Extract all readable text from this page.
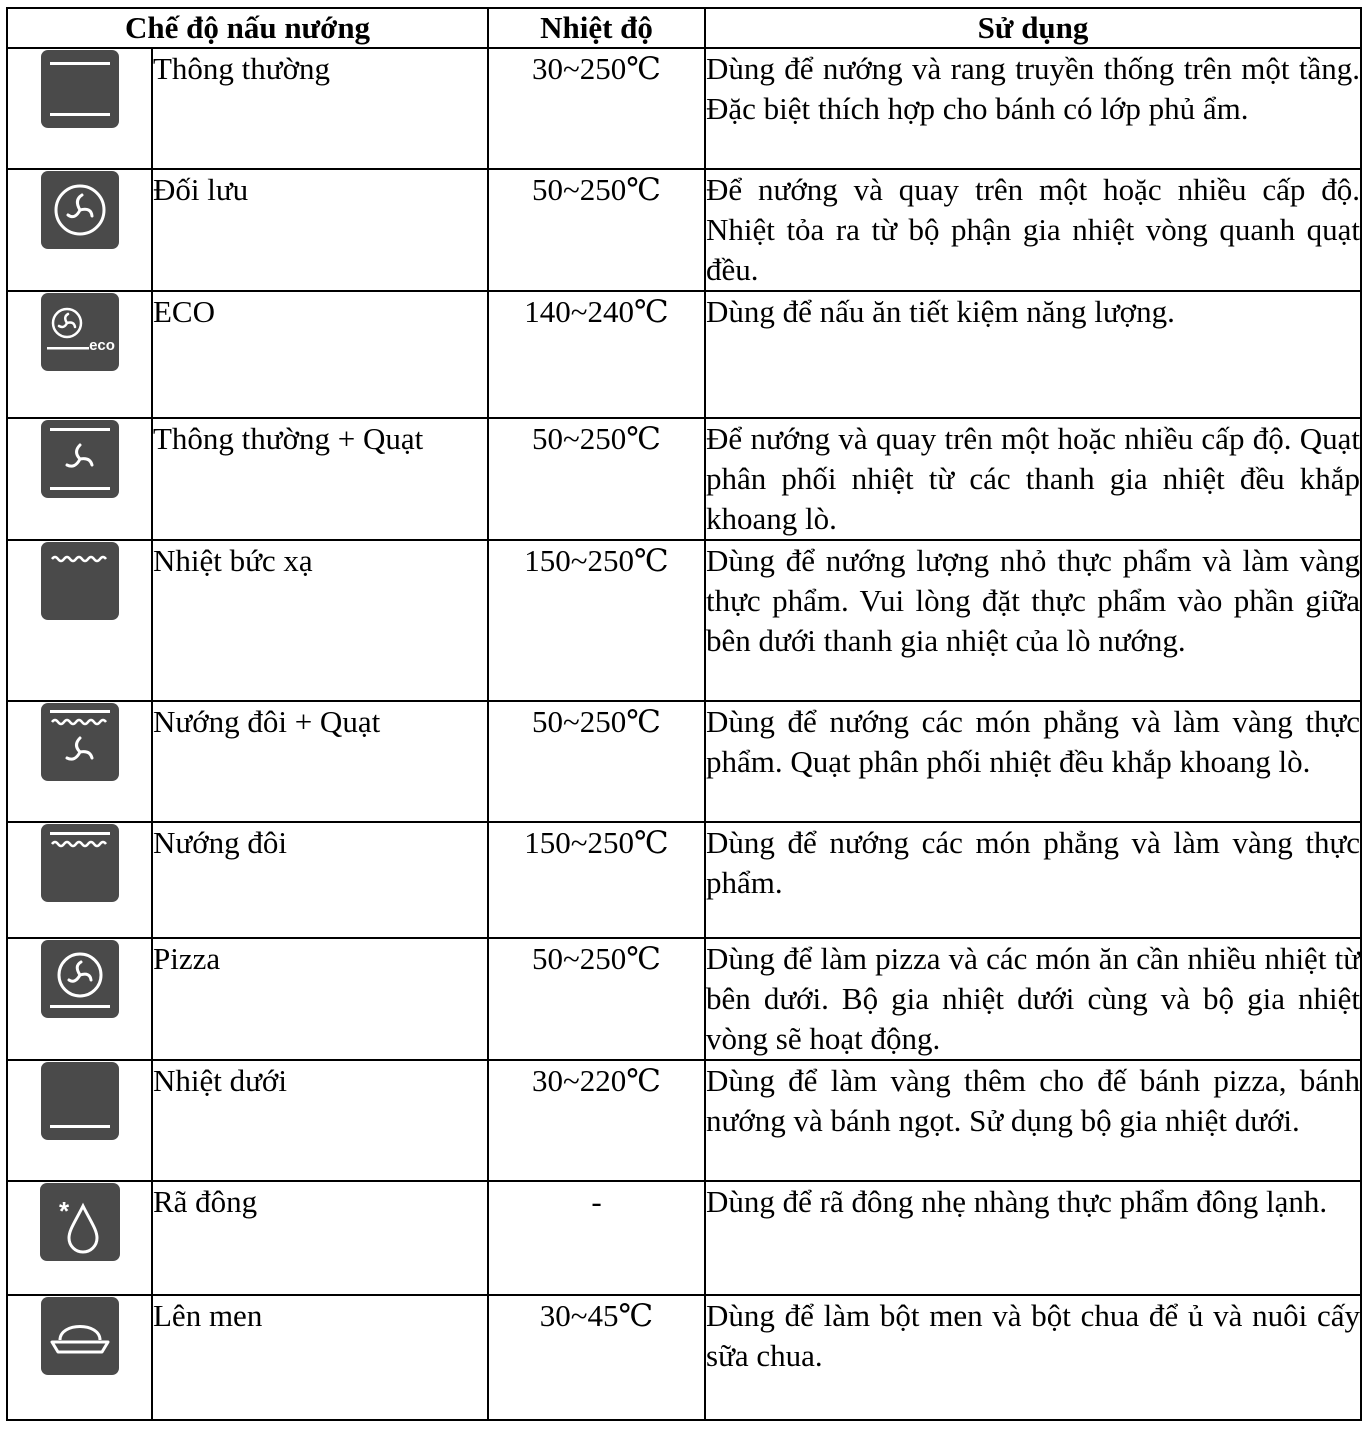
Chế độ nấu nướng		Nhiệt độ	Sử dụng

	Thông thường	30~250℃	Dùng để nướng và rang truyền thống trên một tầng. Đặc biệt thích hợp cho bánh có lớp phủ ẩm.

	Đối lưu	50~250℃	Để nướng và quay trên một hoặc nhiều cấp độ. Nhiệt tỏa ra từ bộ phận gia nhiệt vòng quanh quạt đều.

eco	ECO	140~240℃	Dùng để nấu ăn tiết kiệm năng lượng.

	Thông thường + Quạt	50~250℃	Để nướng và quay trên một hoặc nhiều cấp độ. Quạt phân phối nhiệt từ các thanh gia nhiệt đều khắp khoang lò.

	Nhiệt bức xạ	150~250℃	Dùng để nướng lượng nhỏ thực phẩm và làm vàng thực phẩm. Vui lòng đặt thực phẩm vào phần giữa bên dưới thanh gia nhiệt của lò nướng.

	Nướng đôi + Quạt	50~250℃	Dùng để nướng các món phẳng và làm vàng thực phẩm. Quạt phân phối nhiệt đều khắp khoang lò.

	Nướng đôi	150~250℃	Dùng để nướng các món phẳng và làm vàng thực phẩm.

	Pizza	50~250℃	Dùng để làm pizza và các món ăn cần nhiều nhiệt từ bên dưới. Bộ gia nhiệt dưới cùng và bộ gia nhiệt vòng sẽ hoạt động.

	Nhiệt dưới	30~220℃	Dùng để làm vàng thêm cho đế bánh pizza, bánh nướng và bánh ngọt. Sử dụng bộ gia nhiệt dưới.

*	Rã đông	-	Dùng để rã đông nhẹ nhàng thực phẩm đông lạnh.

	Lên men	30~45℃	Dùng để làm bột men và bột chua để ủ và nuôi cấy sữa chua.
